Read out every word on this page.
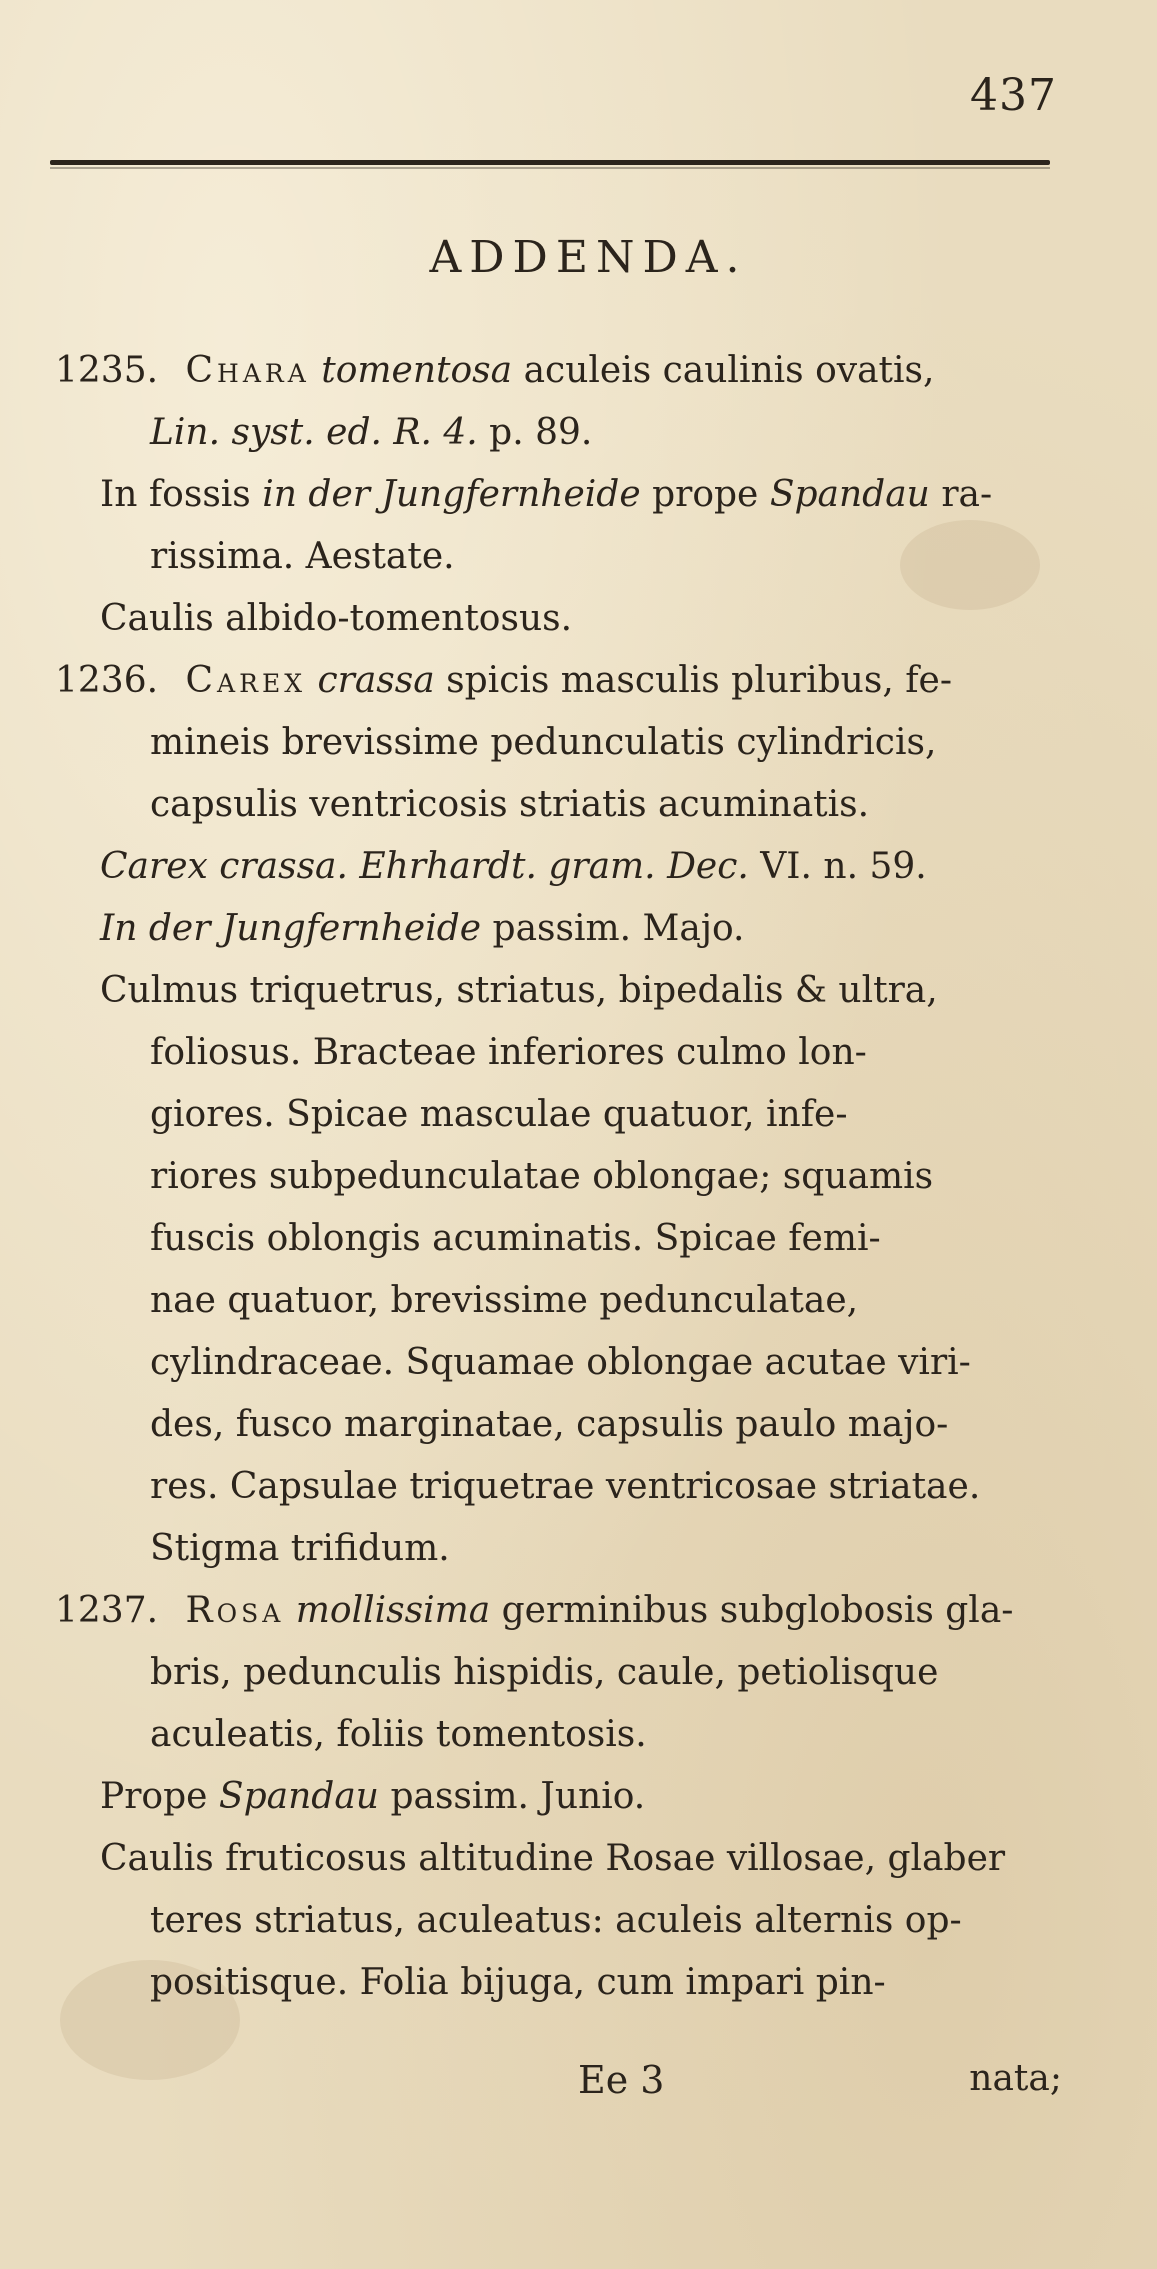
437
ADDENDA.
1235. Chara tomentosa aculeis caulinis ovatis,
Lin. syst. ed. R. 4. p. 89.
In fossis in der Jungfernheide prope Spandau ra-
rissima. Aestate.
Caulis albido-tomentosus.
1236. Carex crassa spicis masculis pluribus, fe-
mineis brevissime pedunculatis cylindricis,
capsulis ventricosis striatis acuminatis.
Carex crassa. Ehrhardt. gram. Dec. VI. n. 59.
In der Jungfernheide passim. Majo.
Culmus triquetrus, striatus, bipedalis & ultra,
foliosus. Bracteae inferiores culmo lon-
giores. Spicae masculae quatuor, infe-
riores subpedunculatae oblongae; squamis
fuscis oblongis acuminatis. Spicae femi-
nae quatuor, brevissime pedunculatae,
cylindraceae. Squamae oblongae acutae viri-
des, fusco marginatae, capsulis paulo majo-
res. Capsulae triquetrae ventricosae striatae.
Stigma trifidum.
1237. Rosa mollissima germinibus subglobosis gla-
bris, pedunculis hispidis, caule, petiolisque
aculeatis, foliis tomentosis.
Prope Spandau passim. Junio.
Caulis fruticosus altitudine Rosae villosae, glaber
teres striatus, aculeatus: aculeis alternis op-
positisque. Folia bijuga, cum impari pin-
Ee 3	nata;
